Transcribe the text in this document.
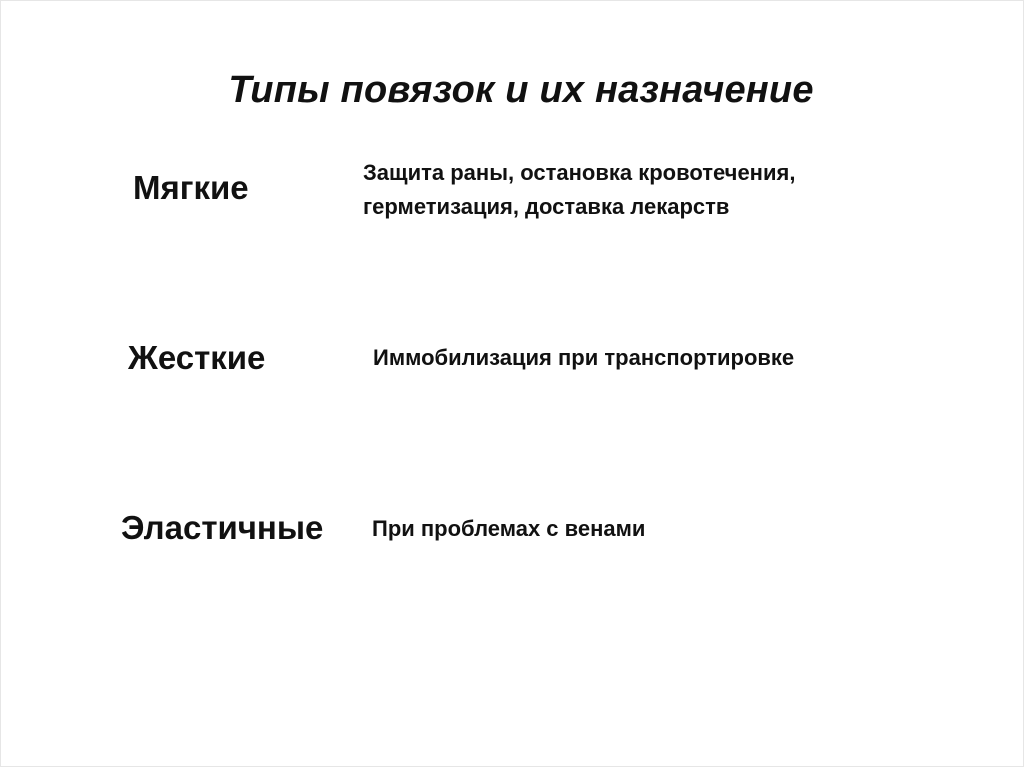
Типы повязок и их назначение
Мягкие	Защита раны, остановка кровотечения,
герметизация, доставка лекарств
Жесткие	Иммобилизация при транспортировке
Эластичные При проблемах с венами
